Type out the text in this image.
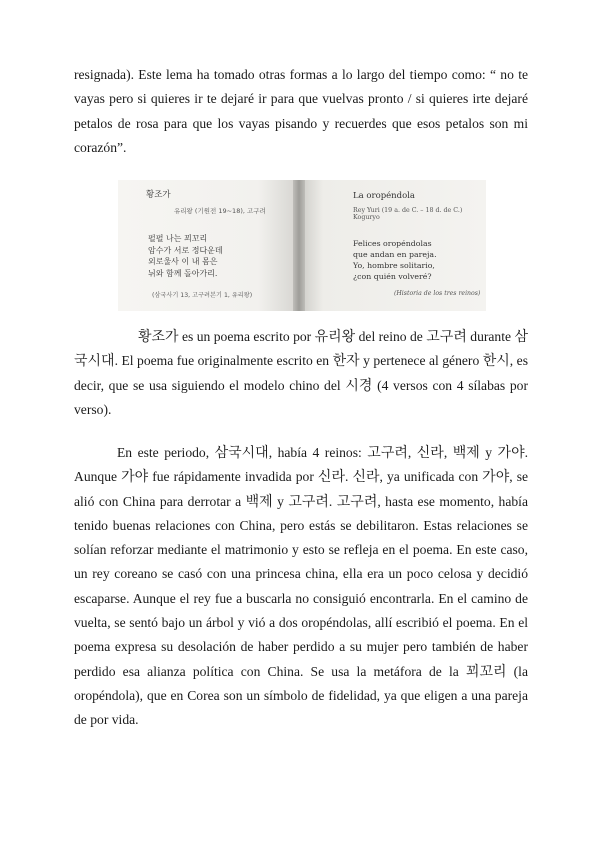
resignada). Este lema ha tomado otras formas a lo largo del tiempo como: “ no te vayas pero si quieres ir te dejaré ir para que vuelvas pronto / si quieres irte dejaré petalos de rosa para que los vayas pisando y recuerdes que esos petalos son mi corazón”.

황조가
유리왕 (기원전 19~18), 고구려
펄펄 나는 꾀꼬리
암수가 서로 정다운데
외로울사 이 내 몸은
뉘와 함께 돌아가리.
(삼국사기 13, 고구려본기 1, 유리왕)
La oropéndola
Rey Yuri (19 a. de C. – 18 d. de C.) Koguryo
Felices oropéndolas
que andan en pareja.
Yo, hombre solitario,
¿con quién volveré?
(Historia de los tres reinos)

황조가 es un poema escrito por 유리왕 del reino de 고구려 durante 삼국시대. El poema fue originalmente escrito en 한자 y pertenece al género 한시, es decir, que se usa siguiendo el modelo chino del 시경 (4 versos con 4 sílabas por verso).

En este periodo, 삼국시대, había 4 reinos: 고구려, 신라, 백제 y 가야. Aunque 가야 fue rápidamente invadida por 신라. 신라, ya unificada con 가야, se alió con China para derrotar a 백제 y 고구려. 고구려, hasta ese momento, había tenido buenas relaciones con China, pero estás se debilitaron. Estas relaciones se solían reforzar mediante el matrimonio y esto se refleja en el poema. En este caso, un rey coreano se casó con una princesa china, ella era un poco celosa y decidió escaparse. Aunque el rey fue a buscarla no consiguió encontrarla. En el camino de vuelta, se sentó bajo un árbol y vió a dos oropéndolas, allí escribió el poema. En el poema expresa su desolación de haber perdido a su mujer pero también de haber perdido esa alianza política con China. Se usa la metáfora de la 꾀꼬리 (la oropéndola), que en Corea son un símbolo de fidelidad, ya que eligen a una pareja de por vida.
